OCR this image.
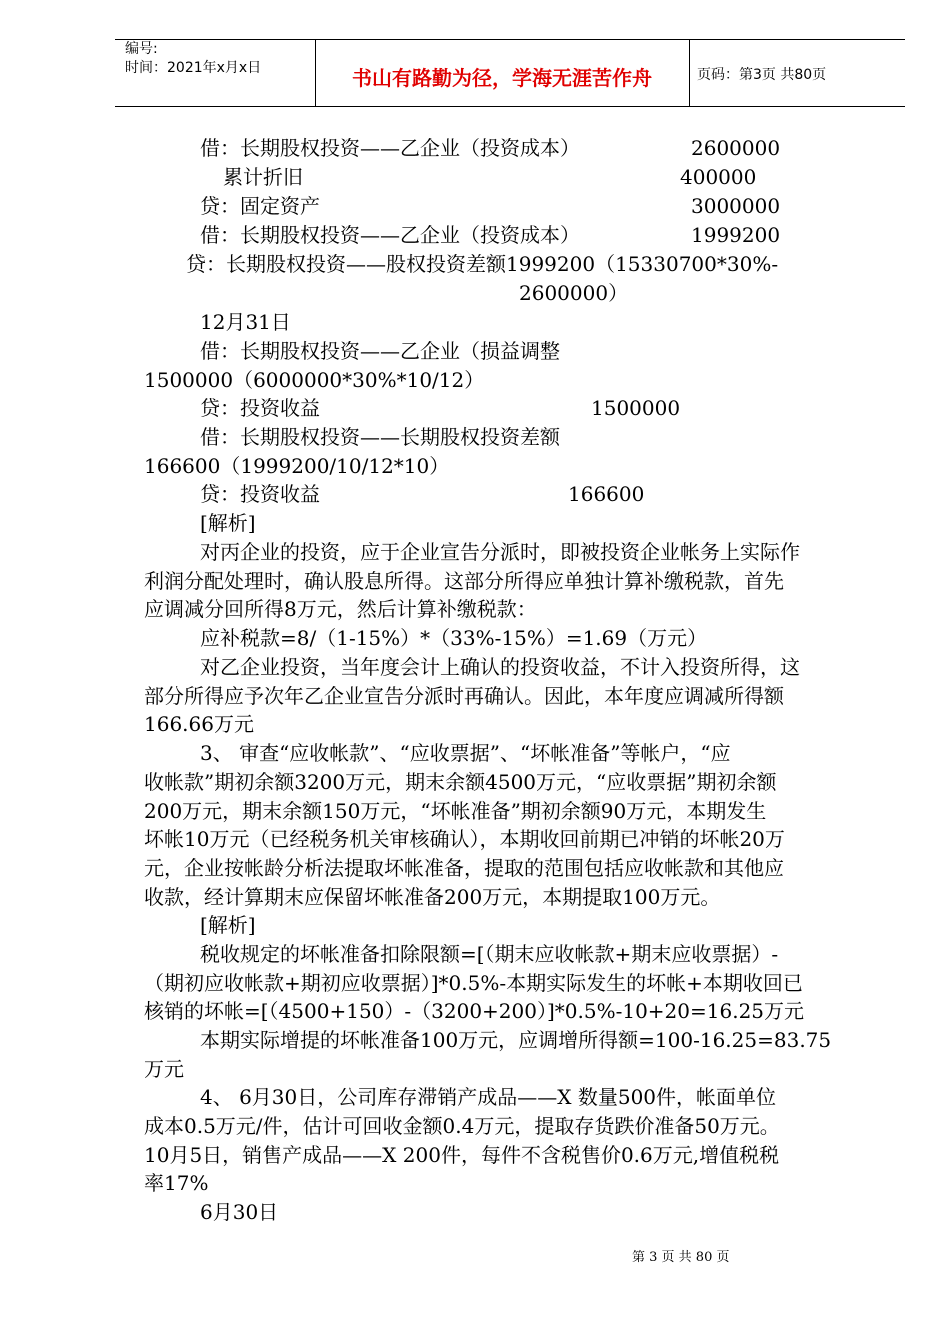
编号:
时间：2021年x月x日	书山有路勤为径，学海无涯苦作舟	页码：第3页 共80页
借：长期股权投资——乙企业（投资成本）	2600000
累计折旧	400000
贷：固定资产	3000000
借：长期股权投资——乙企业（投资成本）	1999200
贷：长期股权投资——股权投资差额1999200（15330700*30%-
2600000）
12月31日
借：长期股权投资——乙企业（损益调整
1500000（6000000*30%*10/12）
贷：投资收益	1500000
借：长期股权投资——长期股权投资差额
166600（1999200/10/12*10）
贷：投资收益	166600
[解析]
对丙企业的投资，应于企业宣告分派时，即被投资企业帐务上实际作
利润分配处理时，确认股息所得。这部分所得应单独计算补缴税款，首先
应调减分回所得8万元，然后计算补缴税款：
应补税款=8/（1-15%）*（33%-15%）=1.69（万元）
对乙企业投资，当年度会计上确认的投资收益，不计入投资所得，这
部分所得应予次年乙企业宣告分派时再确认。因此，本年度应调减所得额
166.66万元
3、 审查“应收帐款”、“应收票据”、“坏帐准备”等帐户，“应
收帐款”期初余额3200万元，期末余额4500万元，“应收票据”期初余额
200万元，期末余额150万元，“坏帐准备”期初余额90万元，本期发生
坏帐10万元（已经税务机关审核确认），本期收回前期已冲销的坏帐20万
元，企业按帐龄分析法提取坏帐准备，提取的范围包括应收帐款和其他应
收款，经计算期末应保留坏帐准备200万元，本期提取100万元。
[解析]
税收规定的坏帐准备扣除限额=[（期末应收帐款+期末应收票据）-
（期初应收帐款+期初应收票据）]*0.5%-本期实际发生的坏帐+本期收回已
核销的坏帐=[（4500+150）-（3200+200）]*0.5%-10+20=16.25万元
本期实际增提的坏帐准备100万元，应调增所得额=100-16.25=83.75
万元
4、 6月30日，公司库存滞销产成品——X 数量500件，帐面单位
成本0.5万元/件，估计可回收金额0.4万元，提取存货跌价准备50万元。
10月5日，销售产成品——X 200件，每件不含税售价0.6万元,增值税税
率17%
6月30日
第 3 页 共 80 页
